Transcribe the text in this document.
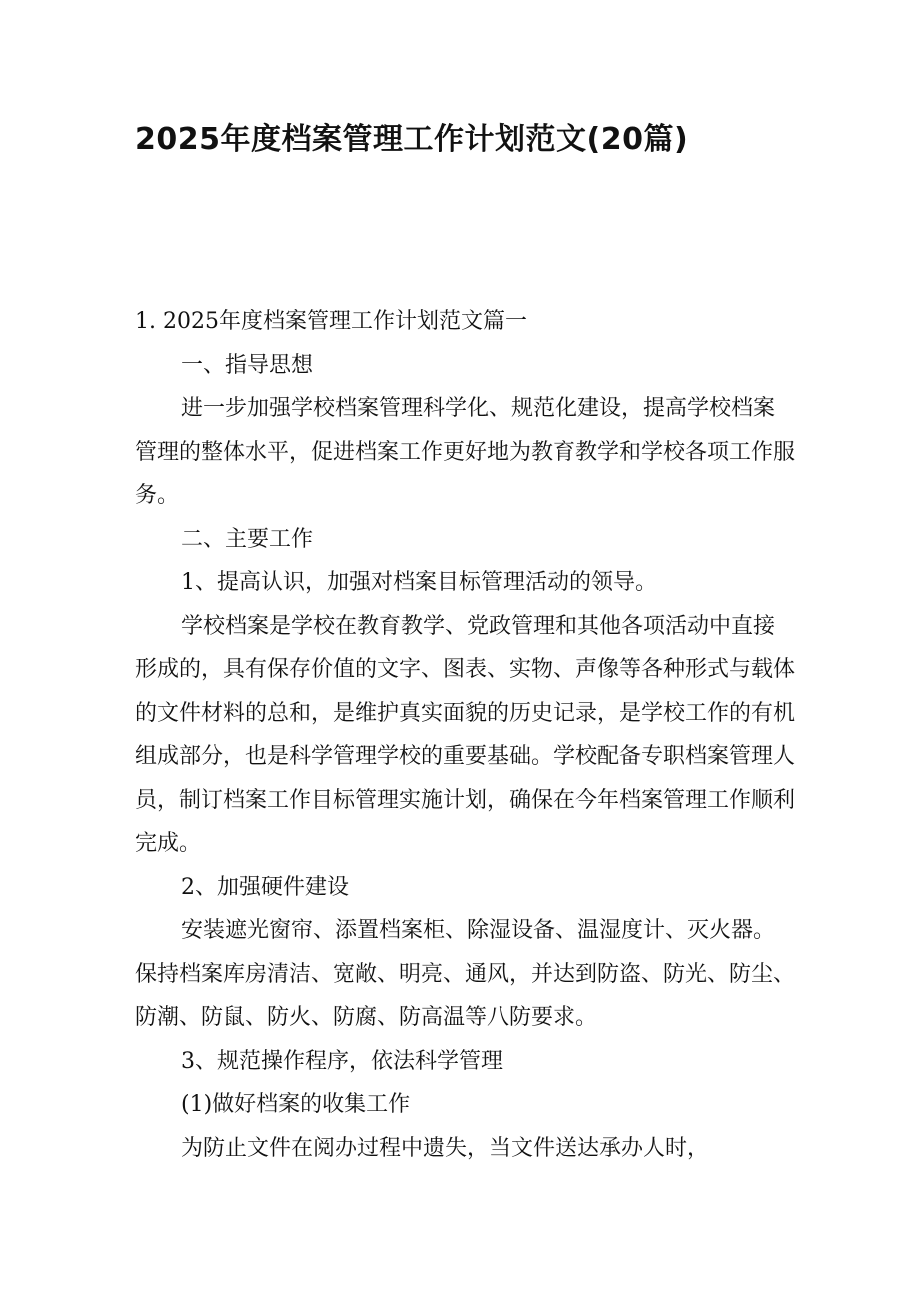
2025年度档案管理工作计划范文(20篇)

1. 2025年度档案管理工作计划范文篇一

一、指导思想

进一步加强学校档案管理科学化、规范化建设，提高学校档案管理的整体水平，促进档案工作更好地为教育教学和学校各项工作服务。

二、主要工作

1、提高认识，加强对档案目标管理活动的领导。

学校档案是学校在教育教学、党政管理和其他各项活动中直接形成的，具有保存价值的文字、图表、实物、声像等各种形式与载体的文件材料的总和，是维护真实面貌的历史记录，是学校工作的有机组成部分，也是科学管理学校的重要基础。学校配备专职档案管理人员，制订档案工作目标管理实施计划，确保在今年档案管理工作顺利完成。

2、加强硬件建设

安装遮光窗帘、添置档案柜、除湿设备、温湿度计、灭火器。保持档案库房清洁、宽敞、明亮、通风，并达到防盗、防光、防尘、防潮、防鼠、防火、防腐、防高温等八防要求。

3、规范操作程序，依法科学管理

(1)做好档案的收集工作

为防止文件在阅办过程中遗失，当文件送达承办人时，
